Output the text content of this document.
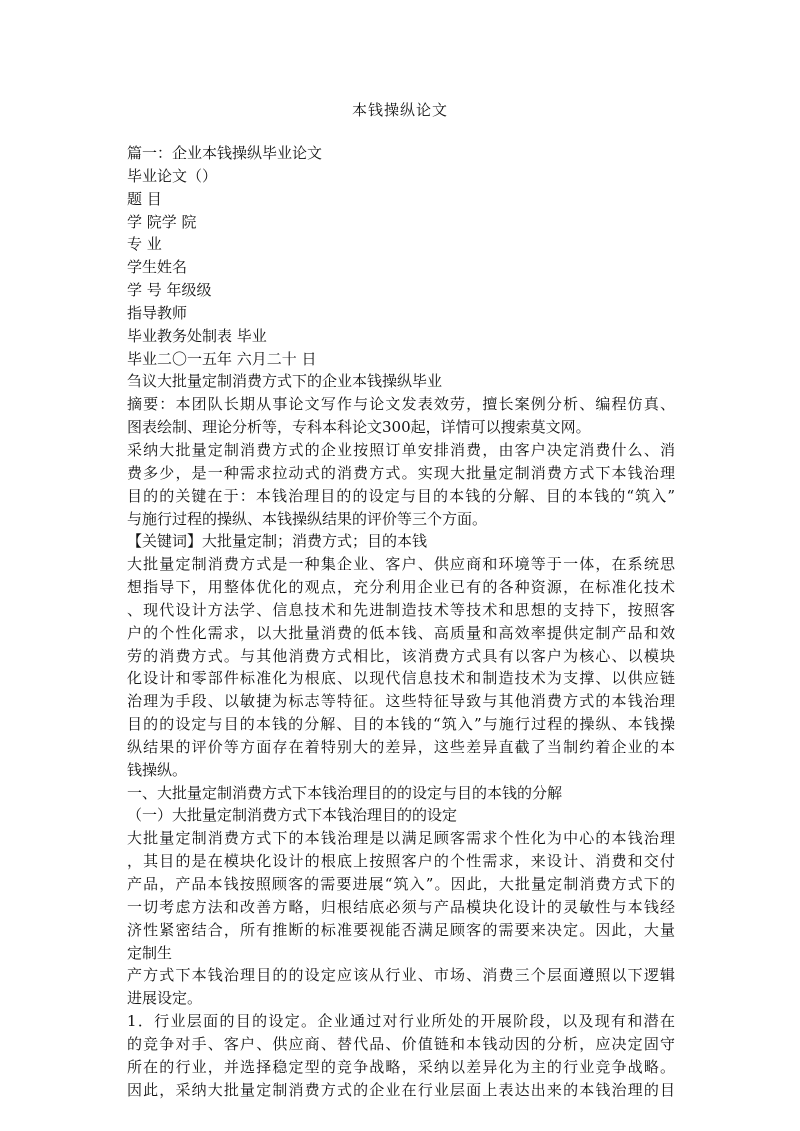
本钱操纵论文
篇一：企业本钱操纵毕业论文
毕业论文（）
题 目
学 院学 院
专 业
学生姓名
学 号 年级级
指导教师
毕业教务处制表 毕业
毕业二〇一五年 六月二十 日
刍议大批量定制消费方式下的企业本钱操纵毕业
摘要：本团队长期从事论文写作与论文发表效劳，擅长案例分析、编程仿真、
图表绘制、理论分析等，专科本科论文300起，详情可以搜索莫文网。
采纳大批量定制消费方式的企业按照订单安排消费，由客户决定消费什么、消
费多少，是一种需求拉动式的消费方式。实现大批量定制消费方式下本钱治理
目的的关键在于：本钱治理目的的设定与目的本钱的分解、目的本钱的“筑入”
与施行过程的操纵、本钱操纵结果的评价等三个方面。
【关键词】大批量定制；消费方式；目的本钱
大批量定制消费方式是一种集企业、客户、供应商和环境等于一体，在系统思
想指导下，用整体优化的观点，充分利用企业已有的各种资源，在标准化技术
、现代设计方法学、信息技术和先进制造技术等技术和思想的支持下，按照客
户的个性化需求，以大批量消费的低本钱、高质量和高效率提供定制产品和效
劳的消费方式。与其他消费方式相比，该消费方式具有以客户为核心、以模块
化设计和零部件标准化为根底、以现代信息技术和制造技术为支撑、以供应链
治理为手段、以敏捷为标志等特征。这些特征导致与其他消费方式的本钱治理
目的的设定与目的本钱的分解、目的本钱的“筑入”与施行过程的操纵、本钱操
纵结果的评价等方面存在着特别大的差异，这些差异直截了当制约着企业的本
钱操纵。
一、大批量定制消费方式下本钱治理目的的设定与目的本钱的分解
（一）大批量定制消费方式下本钱治理目的的设定
大批量定制消费方式下的本钱治理是以满足顾客需求个性化为中心的本钱治理
，其目的是在模块化设计的根底上按照客户的个性需求，来设计、消费和交付
产品，产品本钱按照顾客的需要进展“筑入”。因此，大批量定制消费方式下的
一切考虑方法和改善方略，归根结底必须与产品模块化设计的灵敏性与本钱经
济性紧密结合，所有推断的标准要视能否满足顾客的需要来决定。因此，大量
定制生
产方式下本钱治理目的的设定应该从行业、市场、消费三个层面遵照以下逻辑
进展设定。
1．行业层面的目的设定。企业通过对行业所处的开展阶段，以及现有和潜在
的竞争对手、客户、供应商、替代品、价值链和本钱动因的分析，应决定固守
所在的行业，并选择稳定型的竞争战略，采纳以差异化为主的行业竞争战略。
因此，采纳大批量定制消费方式的企业在行业层面上表达出来的本钱治理的目
